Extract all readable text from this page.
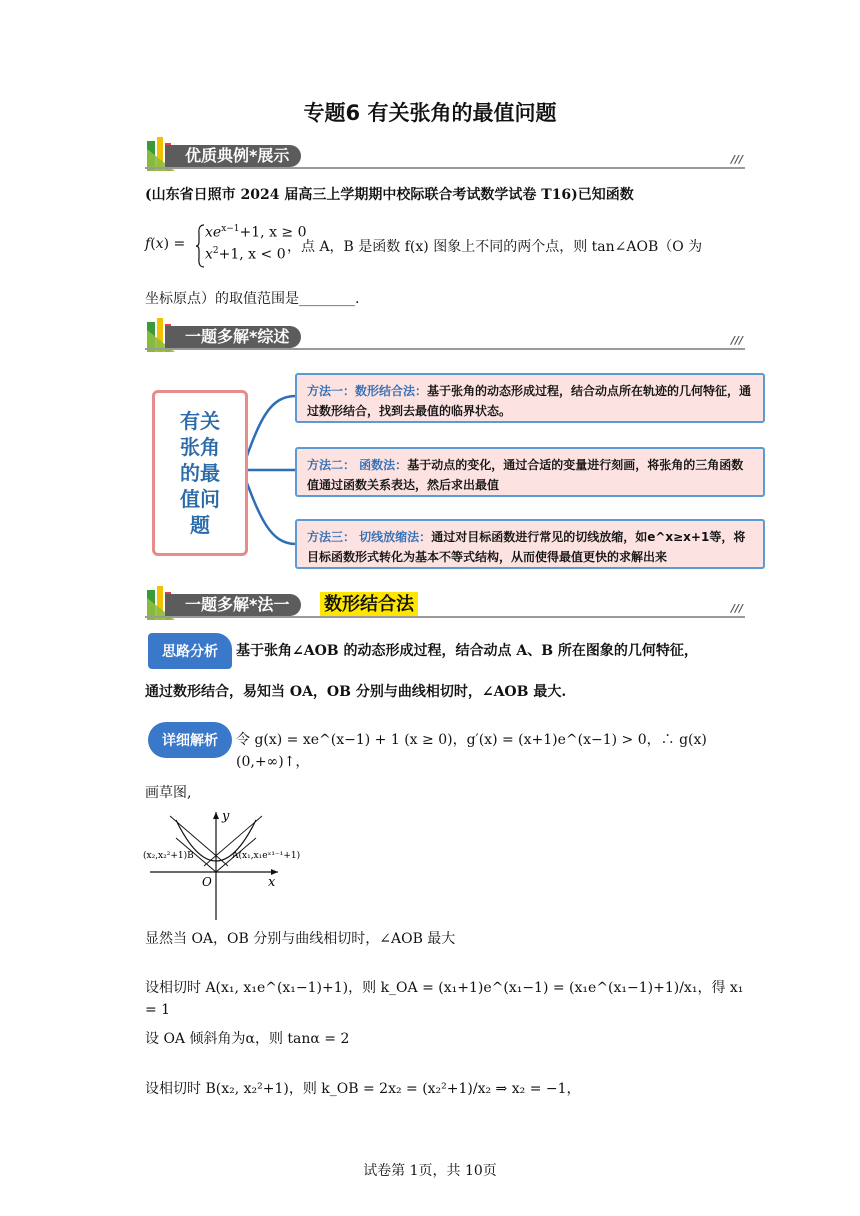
专题6 有关张角的最值问题
优质典例*展示	///
(山东省日照市 2024 届高三上学期期中校际联合考试数学试卷 T16)已知函数
f(x) =
$xe^{x-1}+1$, x ≥ 0
$x^2+1$, x < 0 ，点 A，B 是函数 f(x) 图象上不同的两个点，则 tan∠AOB（O 为
坐标原点）的取值范围是________.
一题多解*综述	///
有关张角的最值问题
方法一：数形结合法：基于张角的动态形成过程，结合动点所在轨迹的几何特征，通过数形结合，找到去最值的临界状态。
方法二： 函数法：基于动点的变化，通过合适的变量进行刻画，将张角的三角函数值通过函数关系表达，然后求出最值
方法三： 切线放缩法：通过对目标函数进行常见的切线放缩，如e^x≥x+1等，将目标函数形式转化为基本不等式结构，从而使得最值更快的求解出来
一题多解*法一	数形结合法	///
思路分析	基于张角∠AOB 的动态形成过程，结合动点 A、B 所在图象的几何特征，
通过数形结合，易知当 OA，OB 分别与曲线相切时，∠AOB 最大.
详细解析	令 g(x) = xe^(x−1) + 1 (x ≥ 0)，g′(x) = (x+1)e^(x−1) > 0，∴ g(x)(0,+∞)↑，
画草图,
y
x
O
(x₂,x₂²+1)B	A(x₁,x₁eˣ¹⁻¹+1)
显然当 OA，OB 分别与曲线相切时，∠AOB 最大
设相切时 A(x₁, x₁e^(x₁−1)+1)，则 k_OA = (x₁+1)e^(x₁−1) = (x₁e^(x₁−1)+1)/x₁，得 x₁ = 1
设 OA 倾斜角为α，则 tanα = 2
设相切时 B(x₂, x₂²+1)，则 k_OB = 2x₂ = (x₂²+1)/x₂ ⇒ x₂ = −1，
试卷第 1页，共 10页
